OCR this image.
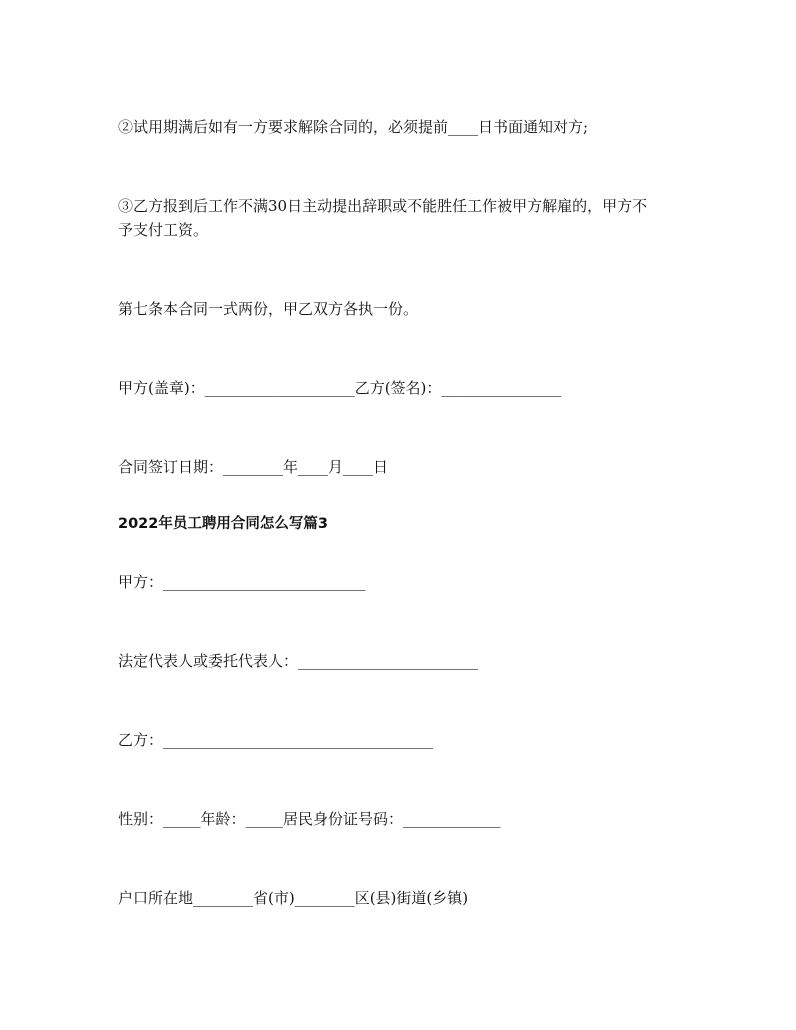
②试用期满后如有一方要求解除合同的，必须提前____日书面通知对方;
③乙方报到后工作不满30日主动提出辞职或不能胜任工作被甲方解雇的，甲方不
予支付工资。
第七条本合同一式两份，甲乙双方各执一份。
甲方(盖章)：____________________乙方(签名)：________________
合同签订日期：________年____月____日
2022年员工聘用合同怎么写篇3
甲方：___________________________
法定代表人或委托代表人：________________________
乙方：____________________________________
性别：_____年龄：_____居民身份证号码：_____________
户口所在地________省(市)________区(县)街道(乡镇)
